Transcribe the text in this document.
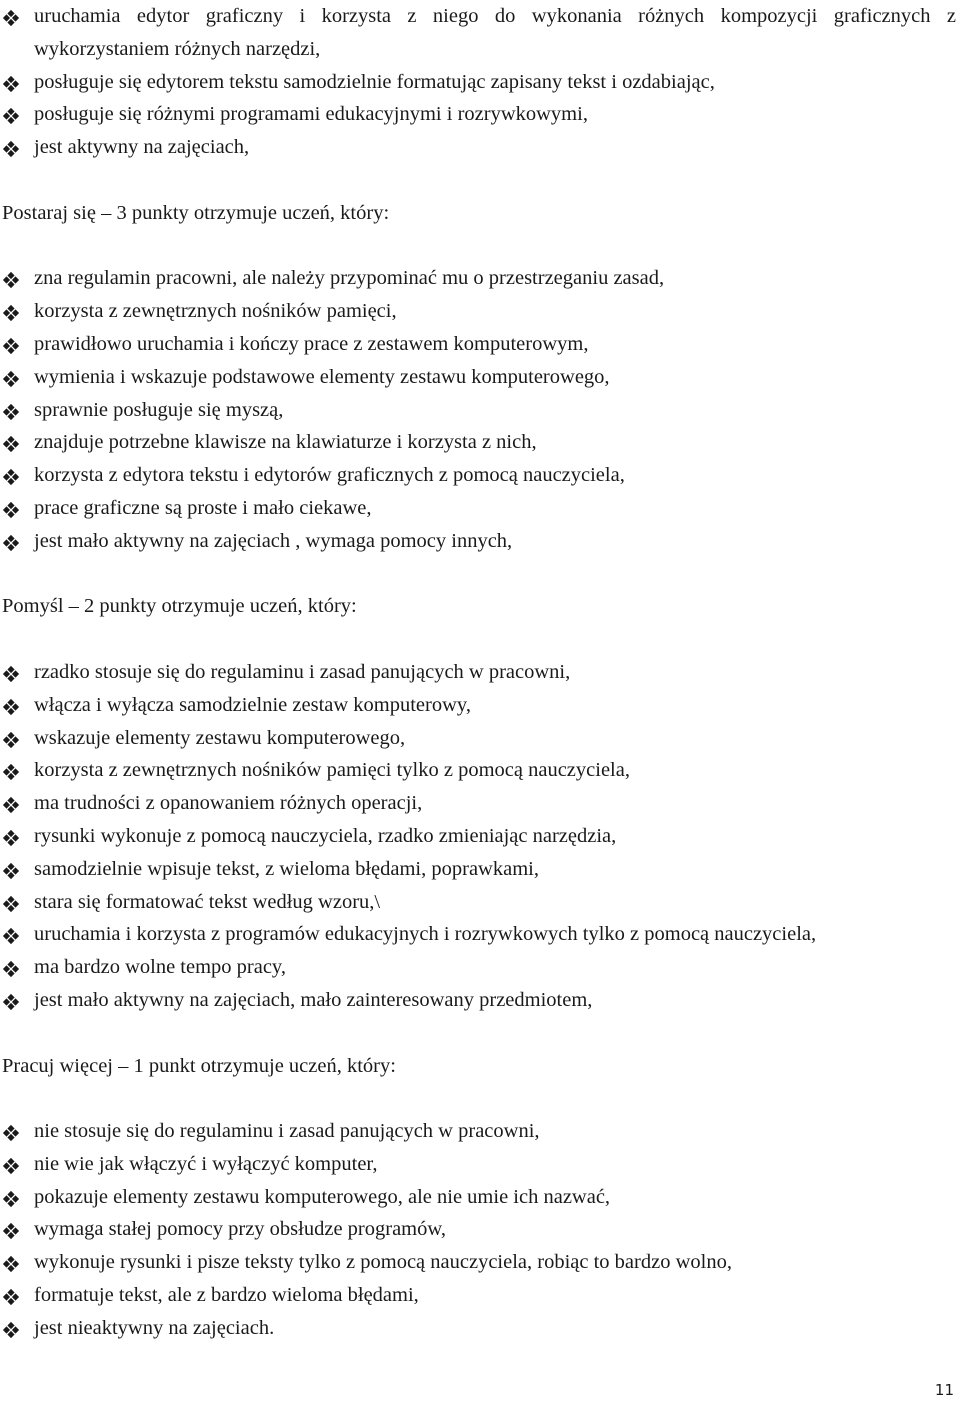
uruchamia edytor graficzny i korzysta z niego do wykonania różnych kompozycji graficznych z wykorzystaniem różnych narzędzi,
posługuje się edytorem tekstu samodzielnie formatując zapisany tekst i ozdabiając,
posługuje się różnymi programami edukacyjnymi i rozrywkowymi,
jest aktywny na zajęciach,

Postaraj się – 3 punkty otrzymuje uczeń, który:

zna regulamin pracowni, ale należy przypominać mu o przestrzeganiu zasad,
korzysta z zewnętrznych nośników pamięci,
prawidłowo uruchamia i kończy prace z zestawem komputerowym,
wymienia i wskazuje podstawowe elementy zestawu komputerowego,
sprawnie posługuje się myszą,
znajduje potrzebne klawisze na klawiaturze i korzysta z nich,
korzysta z edytora tekstu i edytorów graficznych z pomocą nauczyciela,
prace graficzne są proste i mało ciekawe,
jest mało aktywny na zajęciach , wymaga pomocy innych,

Pomyśl – 2 punkty otrzymuje uczeń, który:

rzadko stosuje się do regulaminu i zasad panujących w pracowni,
włącza i wyłącza samodzielnie zestaw komputerowy,
wskazuje elementy zestawu komputerowego,
korzysta z zewnętrznych nośników pamięci tylko z pomocą nauczyciela,
ma trudności z opanowaniem różnych operacji,
rysunki wykonuje z pomocą nauczyciela, rzadko zmieniając narzędzia,
samodzielnie wpisuje tekst, z wieloma błędami, poprawkami,
stara się formatować tekst według wzoru,\
uruchamia i korzysta z programów edukacyjnych i rozrywkowych tylko z pomocą nauczyciela,
ma bardzo wolne tempo pracy,
jest mało aktywny na zajęciach, mało zainteresowany przedmiotem,

Pracuj więcej – 1 punkt otrzymuje uczeń, który:

nie stosuje się do regulaminu i zasad panujących w pracowni,
nie wie jak włączyć i wyłączyć komputer,
pokazuje elementy zestawu komputerowego, ale nie umie ich nazwać,
wymaga stałej pomocy przy obsłudze programów,
wykonuje rysunki i pisze teksty tylko z pomocą nauczyciela, robiąc to bardzo wolno,
formatuje tekst, ale z bardzo wieloma błędami,
jest nieaktywny na zajęciach.
11
